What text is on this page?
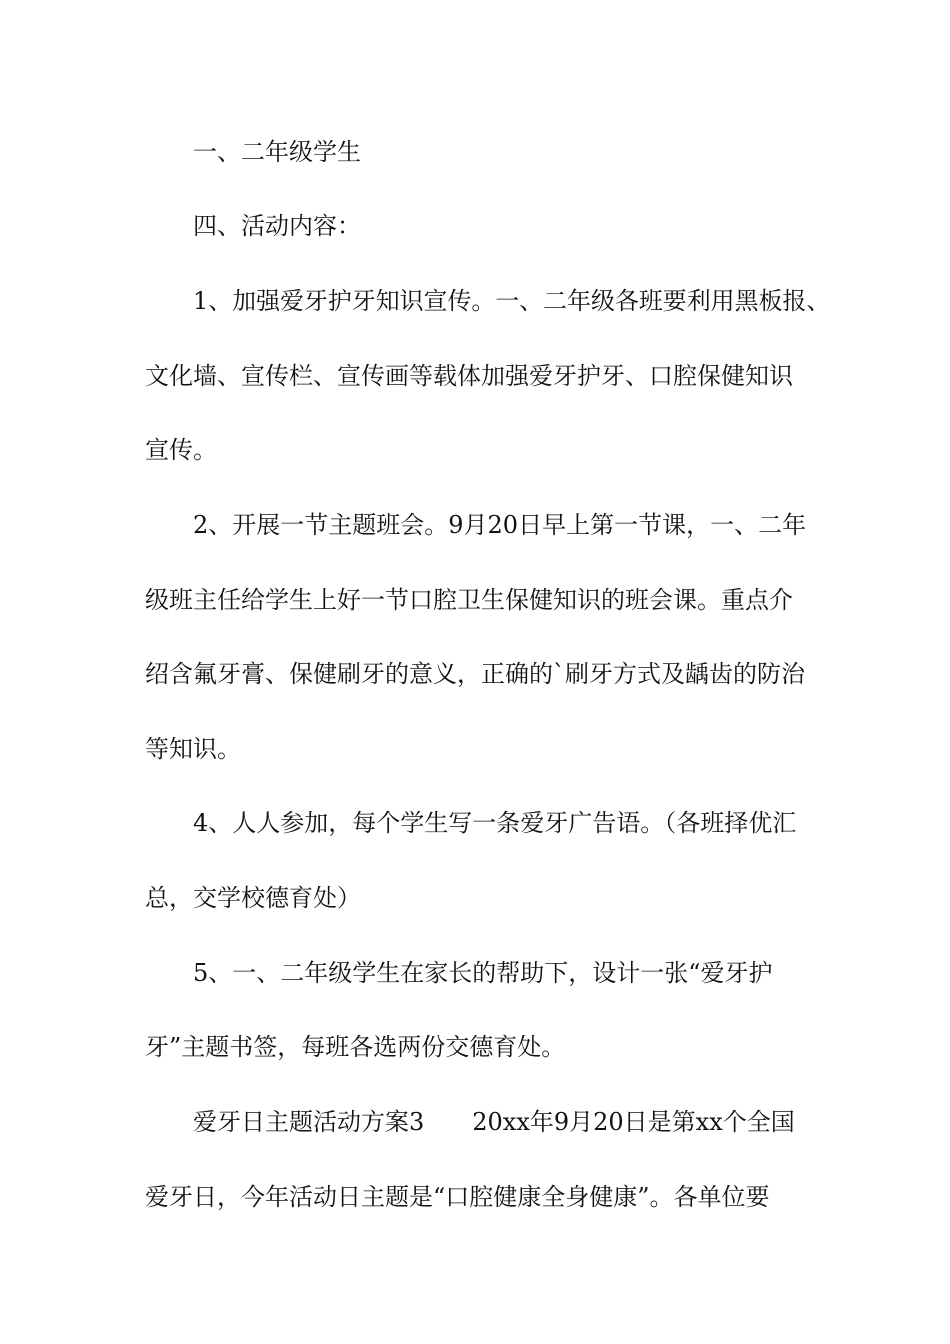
一、二年级学生
四、活动内容：
1、加强爱牙护牙知识宣传。一、二年级各班要利用黑板报、
文化墙、宣传栏、宣传画等载体加强爱牙护牙、口腔保健知识
宣传。
2、开展一节主题班会。9月20日早上第一节课，一、二年
级班主任给学生上好一节口腔卫生保健知识的班会课。重点介
绍含氟牙膏、保健刷牙的意义，正确的`刷牙方式及龋齿的防治
等知识。
4、人人参加，每个学生写一条爱牙广告语。（各班择优汇
总，交学校德育处）
5、一、二年级学生在家长的帮助下，设计一张“爱牙护
牙”主题书签，每班各选两份交德育处。
爱牙日主题活动方案3　　20xx年9月20日是第xx个全国
爱牙日，今年活动日主题是“口腔健康全身健康”。各单位要
